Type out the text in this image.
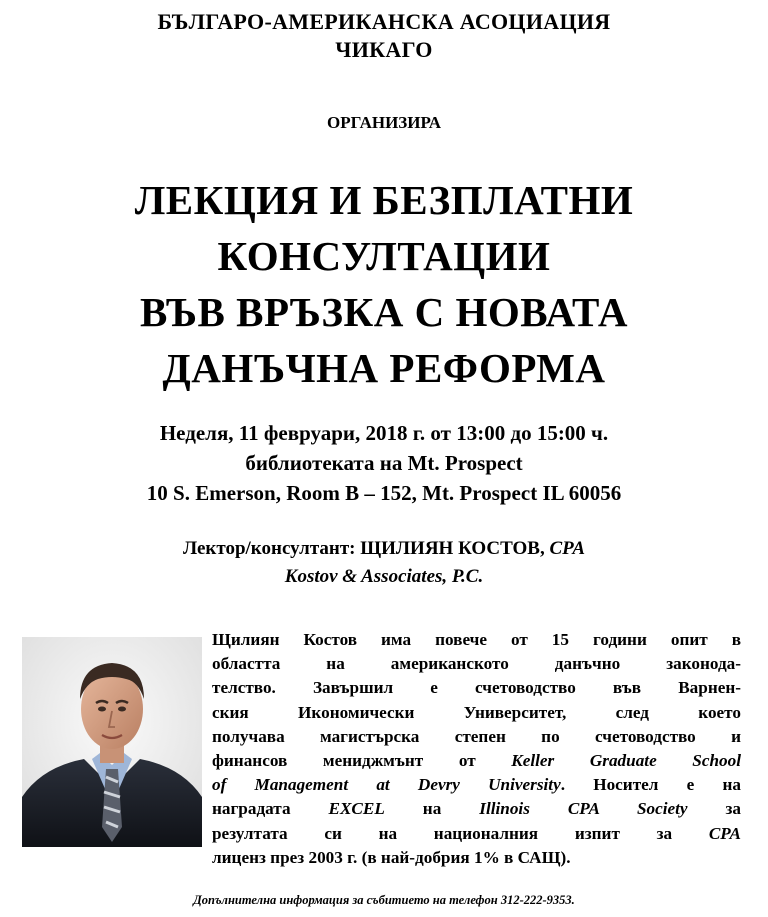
БЪЛГАРО-АМЕРИКАНСКА АСОЦИАЦИЯ
ЧИКАГО
ОРГАНИЗИРА
ЛЕКЦИЯ И БЕЗПЛАТНИ
КОНСУЛТАЦИИ
ВЪВ ВРЪЗКА С НОВАТА
ДАНЪЧНА РЕФОРМА
Неделя, 11 февруари, 2018 г. от 13:00 до 15:00 ч.
библиотеката на Mt. Prospect
10 S. Emerson, Room B – 152, Mt. Prospect IL 60056
Лектор/консултант: ЩИЛИЯН КОСТОВ, CPA
Kostov & Associates, P.C.
Щилиян Костов има повече от 15 години опит в
областта на американското данъчно законода-
телство. Завършил е счетоводство във Варнен-
ския Икономически Университет, след което
получава магистърска степен по счетоводство и
финансов мениджмънт от Keller Graduate School
of Management at Devry University. Носител е на
наградата EXCEL на Illinois CPA Society за
резултата си на националния изпит за CPA
лиценз през 2003 г. (в най-добрия 1% в САЩ).
Допълнителна информация за събитието на телефон 312-222-9353.
